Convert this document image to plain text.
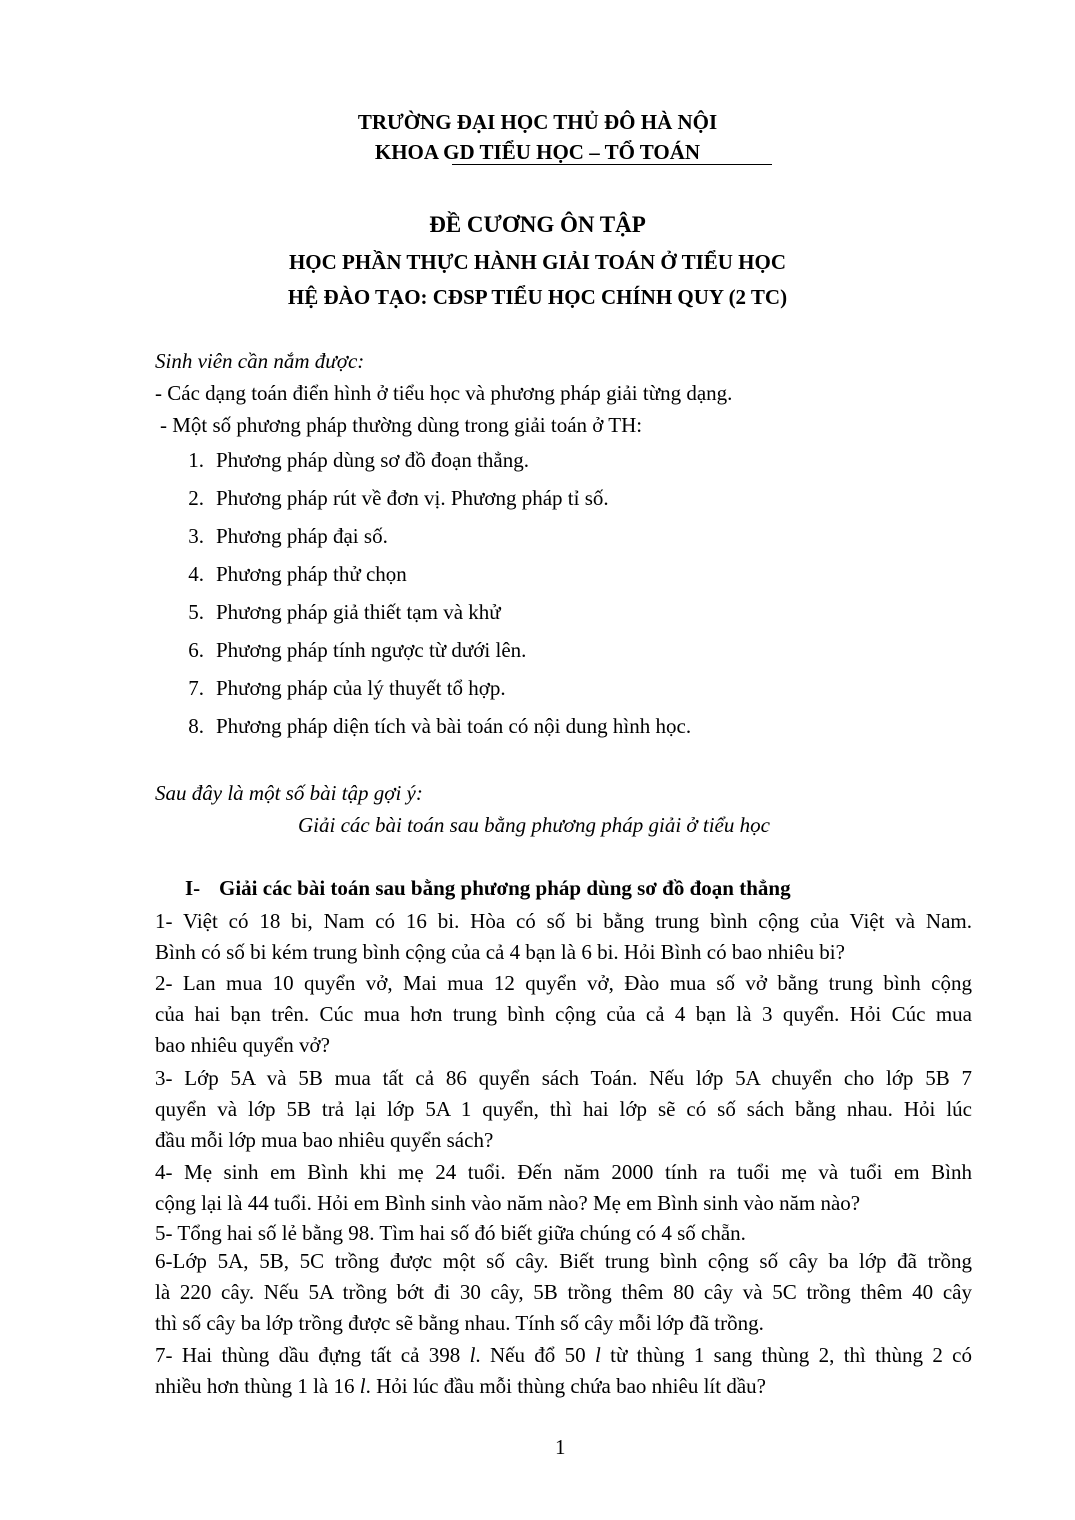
TRƯỜNG ĐẠI HỌC THỦ ĐÔ HÀ NỘI
KHOA GD TIỂU HỌC – TỔ TOÁN
ĐỀ CƯƠNG ÔN TẬP
HỌC PHẦN THỰC HÀNH GIẢI TOÁN Ở TIỂU HỌC
HỆ ĐÀO TẠO: CĐSP TIỂU HỌC CHÍNH QUY (2 TC)
Sinh viên cần nắm được:
- Các dạng toán điển hình ở tiểu học và phương pháp giải từng dạng.
- Một số phương pháp thường dùng trong giải toán ở TH:
1. Phương pháp dùng sơ đồ đoạn thẳng.
2. Phương pháp rút về đơn vị. Phương pháp tỉ số.
3. Phương pháp đại số.
4. Phương pháp thử chọn
5. Phương pháp giả thiết tạm và khử
6. Phương pháp tính ngược từ dưới lên.
7. Phương pháp của lý thuyết tổ hợp.
8. Phương pháp diện tích và bài toán có nội dung hình học.
Sau đây là một số bài tập gợi ý:
Giải các bài toán sau bằng phương pháp giải ở tiểu học
I- Giải các bài toán sau bằng phương pháp dùng sơ đồ đoạn thẳng
1- Việt có 18 bi, Nam có 16 bi. Hòa có số bi bằng trung bình cộng của Việt và Nam.
Bình có số bi kém trung bình cộng của cả 4 bạn là 6 bi. Hỏi Bình có bao nhiêu bi?
2- Lan mua 10 quyển vở, Mai mua 12 quyển vở, Đào mua số vở bằng trung bình cộng
của hai bạn trên. Cúc mua hơn trung bình cộng của cả 4 bạn là 3 quyển. Hỏi Cúc mua
bao nhiêu quyển vở?
3- Lớp 5A và 5B mua tất cả 86 quyển sách Toán. Nếu lớp 5A chuyển cho lớp 5B 7
quyển và lớp 5B trả lại lớp 5A 1 quyển, thì hai lớp sẽ có số sách bằng nhau. Hỏi lúc
đầu mỗi lớp mua bao nhiêu quyển sách?
4- Mẹ sinh em Bình khi mẹ 24 tuổi. Đến năm 2000 tính ra tuổi mẹ và tuổi em Bình
cộng lại là 44 tuổi. Hỏi em Bình sinh vào năm nào? Mẹ em Bình sinh vào năm nào?
5- Tổng hai số lẻ bằng 98. Tìm hai số đó biết giữa chúng có 4 số chẵn.
6-Lớp 5A, 5B, 5C trồng được một số cây. Biết trung bình cộng số cây ba lớp đã trồng
là 220 cây. Nếu 5A trồng bớt đi 30 cây, 5B trồng thêm 80 cây và 5C trồng thêm 40 cây
thì số cây ba lớp trồng được sẽ bằng nhau. Tính số cây mỗi lớp đã trồng.
7- Hai thùng dầu đựng tất cả 398 l. Nếu đổ 50 l từ thùng 1 sang thùng 2, thì thùng 2 có
nhiều hơn thùng 1 là 16 l. Hỏi lúc đầu mỗi thùng chứa bao nhiêu lít dầu?
1
